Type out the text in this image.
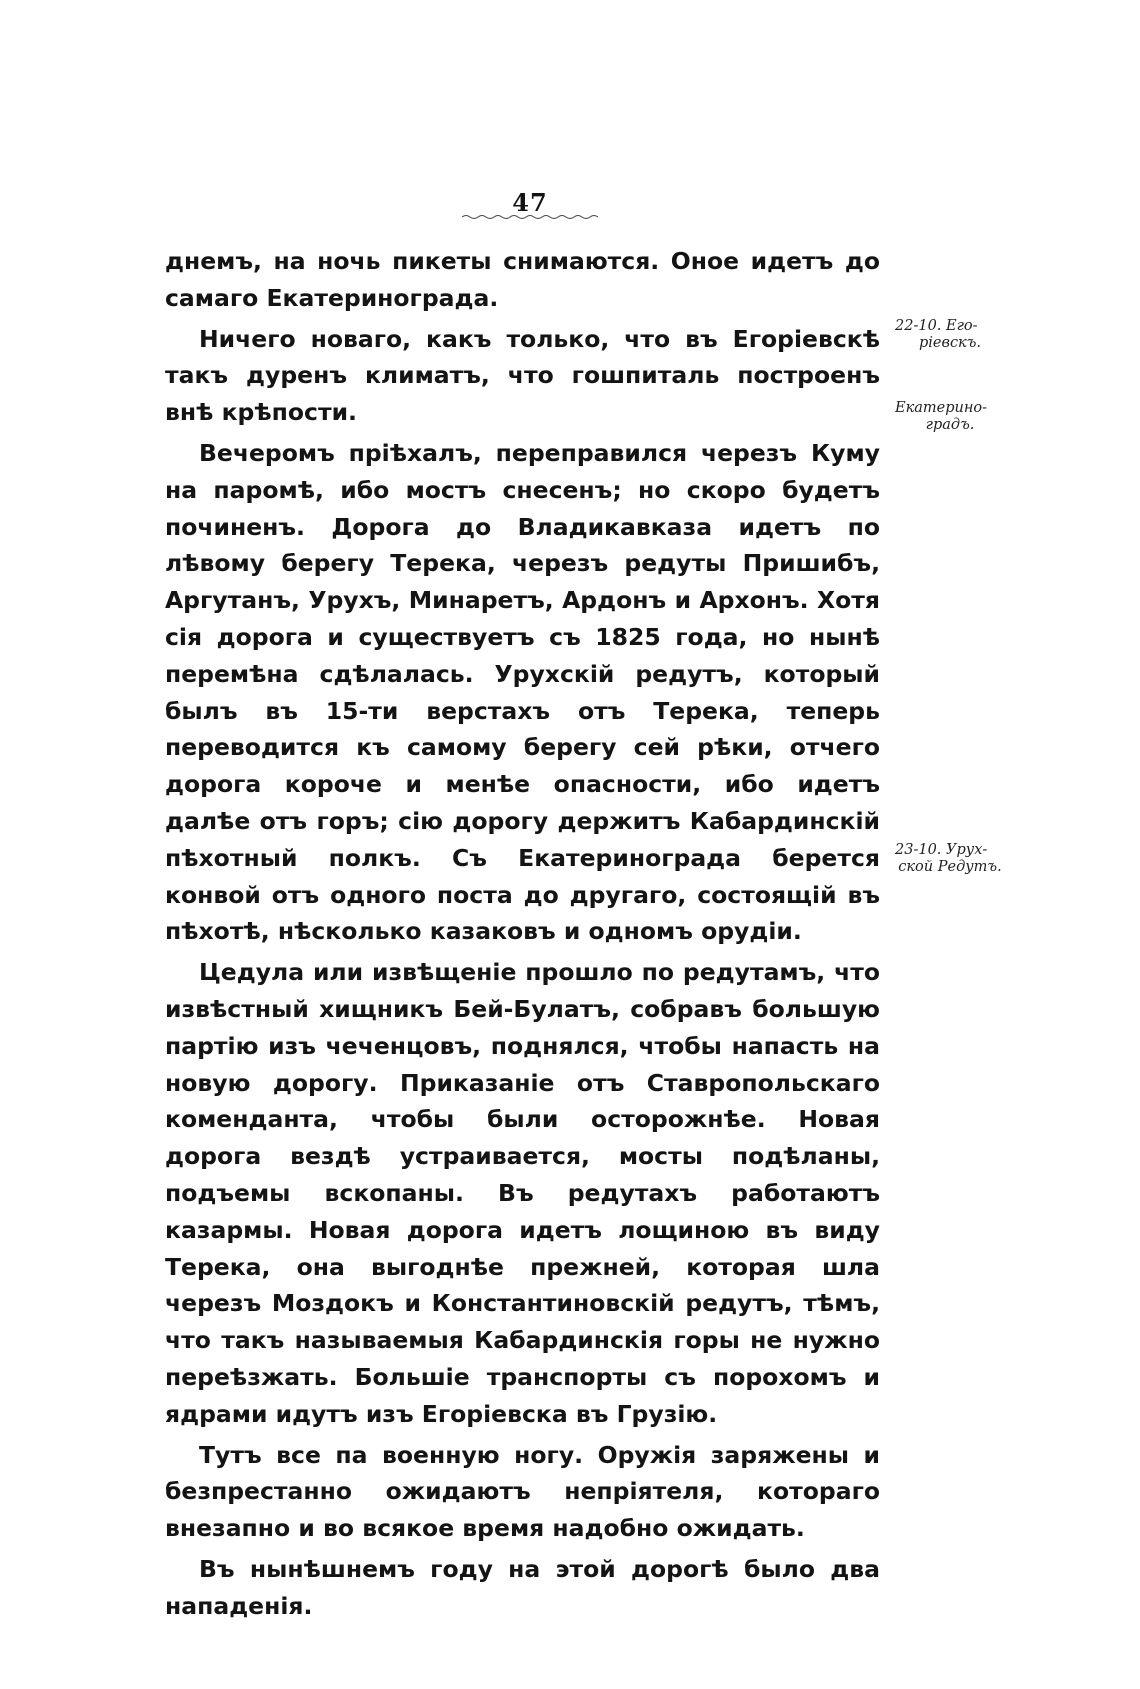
47

днемъ, на ночь пикеты снимаются. Оное идетъ до самаго Екатеринограда.

Ничего новаго, какъ только, что въ Егоріевскѣ такъ дуренъ климатъ, что гошпиталь построенъ внѣ крѣпости.

Вечеромъ пріѣхалъ, переправился черезъ Куму на паромѣ, ибо мостъ снесенъ; но скоро будетъ починенъ. Дорога до Владикавказа идетъ по лѣвому берегу Терека, черезъ редуты Пришибъ, Аргутанъ, Урухъ, Минаретъ, Ардонъ и Архонъ. Хотя сія дорога и существуетъ съ 1825 года, но нынѣ перемѣна сдѣлалась. Урухскій редутъ, который былъ въ 15-ти верстахъ отъ Терека, теперь переводится къ самому берегу сей рѣки, отчего дорога короче и менѣе опасности, ибо идетъ далѣе отъ горъ; сію дорогу держитъ Кабардинскій пѣхотный полкъ. Съ Екатеринограда берется конвой отъ одного поста до другаго, состоящій въ пѣхотѣ, нѣсколько казаковъ и одномъ орудіи.

Цедула или извѣщеніе прошло по редутамъ, что извѣстный хищникъ Бей-Булатъ, собравъ большую партію изъ чеченцовъ, поднялся, чтобы напасть на новую дорогу. Приказаніе отъ Ставропольскаго коменданта, чтобы были осторожнѣе. Новая дорога вездѣ устраивается, мосты подѣланы, подъемы вскопаны. Въ редутахъ работаютъ казармы. Новая дорога идетъ лощиною въ виду Терека, она выгоднѣе прежней, которая шла черезъ Моздокъ и Константиновскій редутъ, тѣмъ, что такъ называемыя Кабардинскія горы не нужно переѣзжать. Большіе транспорты съ порохомъ и ядрами идутъ изъ Егоріевска въ Грузію.

Тутъ все па военную ногу. Оружія заряжены и безпрестанно ожидаютъ непріятеля, котораго внезапно и во всякое время надобно ожидать.

Въ нынѣшнемъ году на этой дорогѣ было два нападенія.

22-10. Его-
ріевскъ.
Екатерино-
градъ.
23-10. Урух-
ской Редутъ.
